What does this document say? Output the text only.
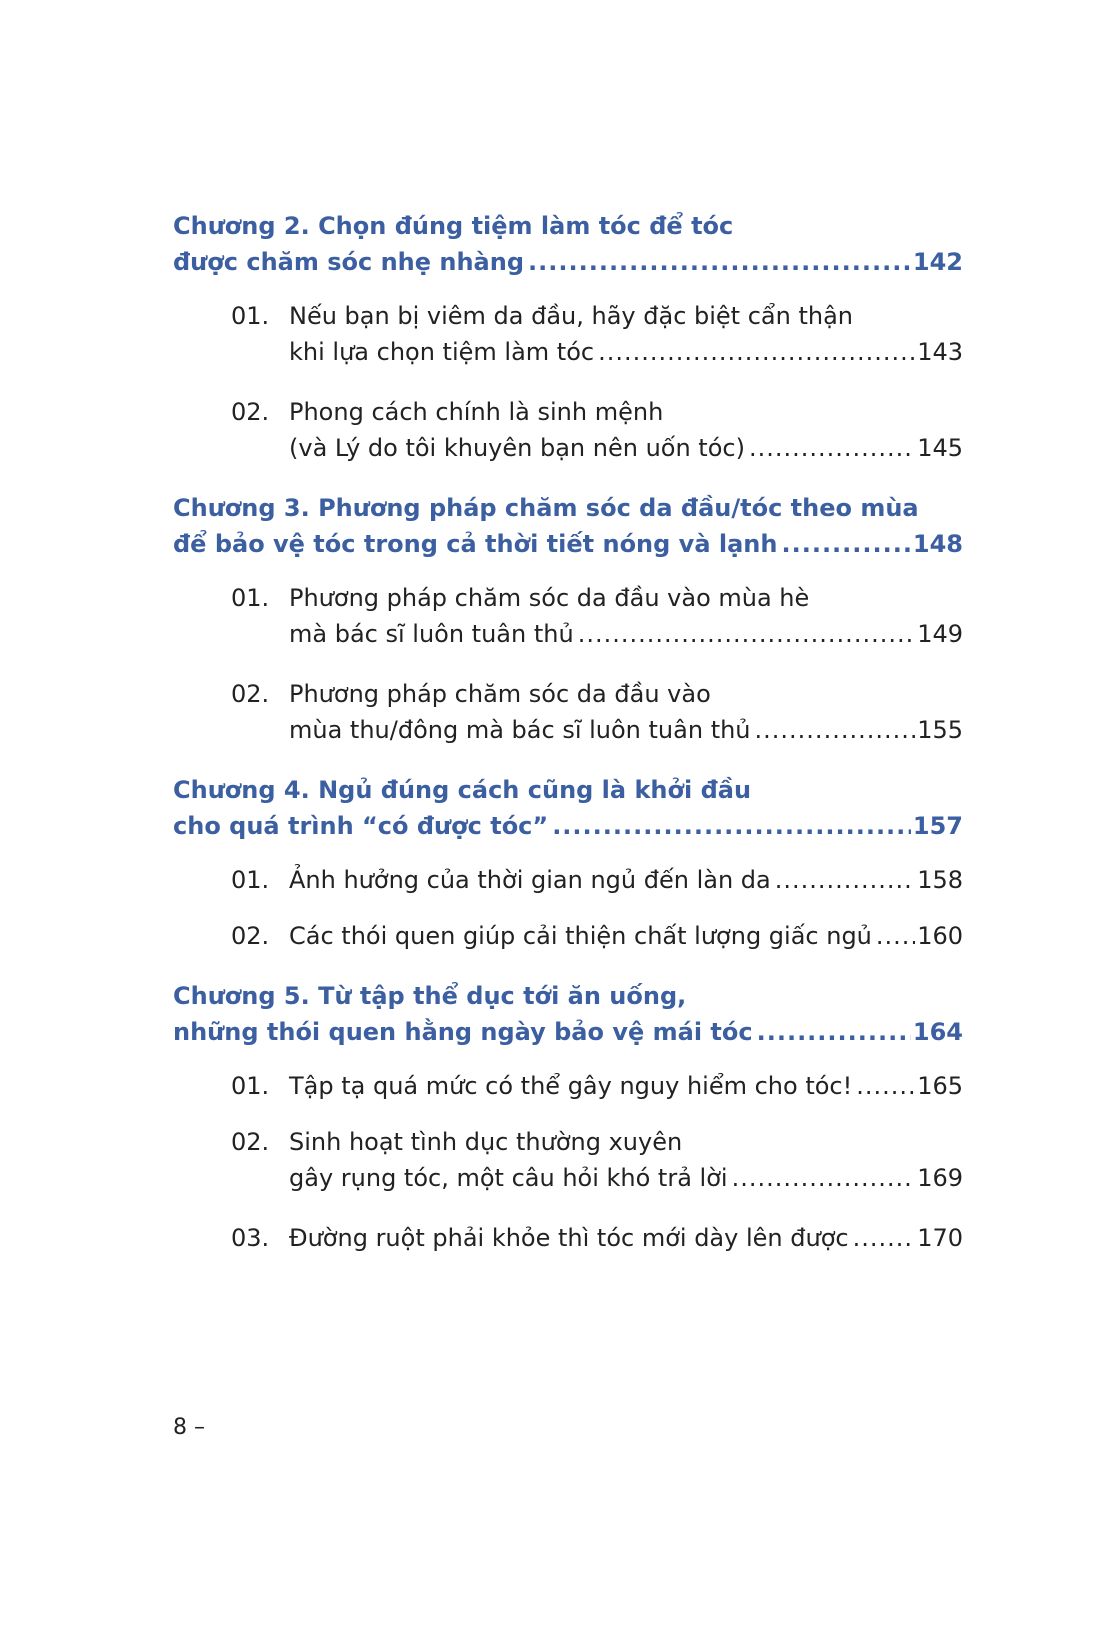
Chương 2. Chọn đúng tiệm làm tóc để tóc
được chăm sóc nhẹ nhàng .....	142
01. Nếu bạn bị viêm da đầu, hãy đặc biệt cẩn thận
khi lựa chọn tiệm làm tóc .....	143
02. Phong cách chính là sinh mệnh
(và Lý do tôi khuyên bạn nên uốn tóc) .....	145
Chương 3. Phương pháp chăm sóc da đầu/tóc theo mùa
để bảo vệ tóc trong cả thời tiết nóng và lạnh .....	148
01. Phương pháp chăm sóc da đầu vào mùa hè
mà bác sĩ luôn tuân thủ .....	149
02. Phương pháp chăm sóc da đầu vào
mùa thu/đông mà bác sĩ luôn tuân thủ .....	155
Chương 4. Ngủ đúng cách cũng là khởi đầu
cho quá trình “có được tóc” .....	157
01. Ảnh hưởng của thời gian ngủ đến làn da .....	158
02. Các thói quen giúp cải thiện chất lượng giấc ngủ ..... 160
Chương 5. Từ tập thể dục tới ăn uống,
những thói quen hằng ngày bảo vệ mái tóc .....	164
01. Tập tạ quá mức có thể gây nguy hiểm cho tóc! .....	165
02. Sinh hoạt tình dục thường xuyên
gây rụng tóc, một câu hỏi khó trả lời .....	169
03. Đường ruột phải khỏe thì tóc mới dày lên được .....	170
8 –
